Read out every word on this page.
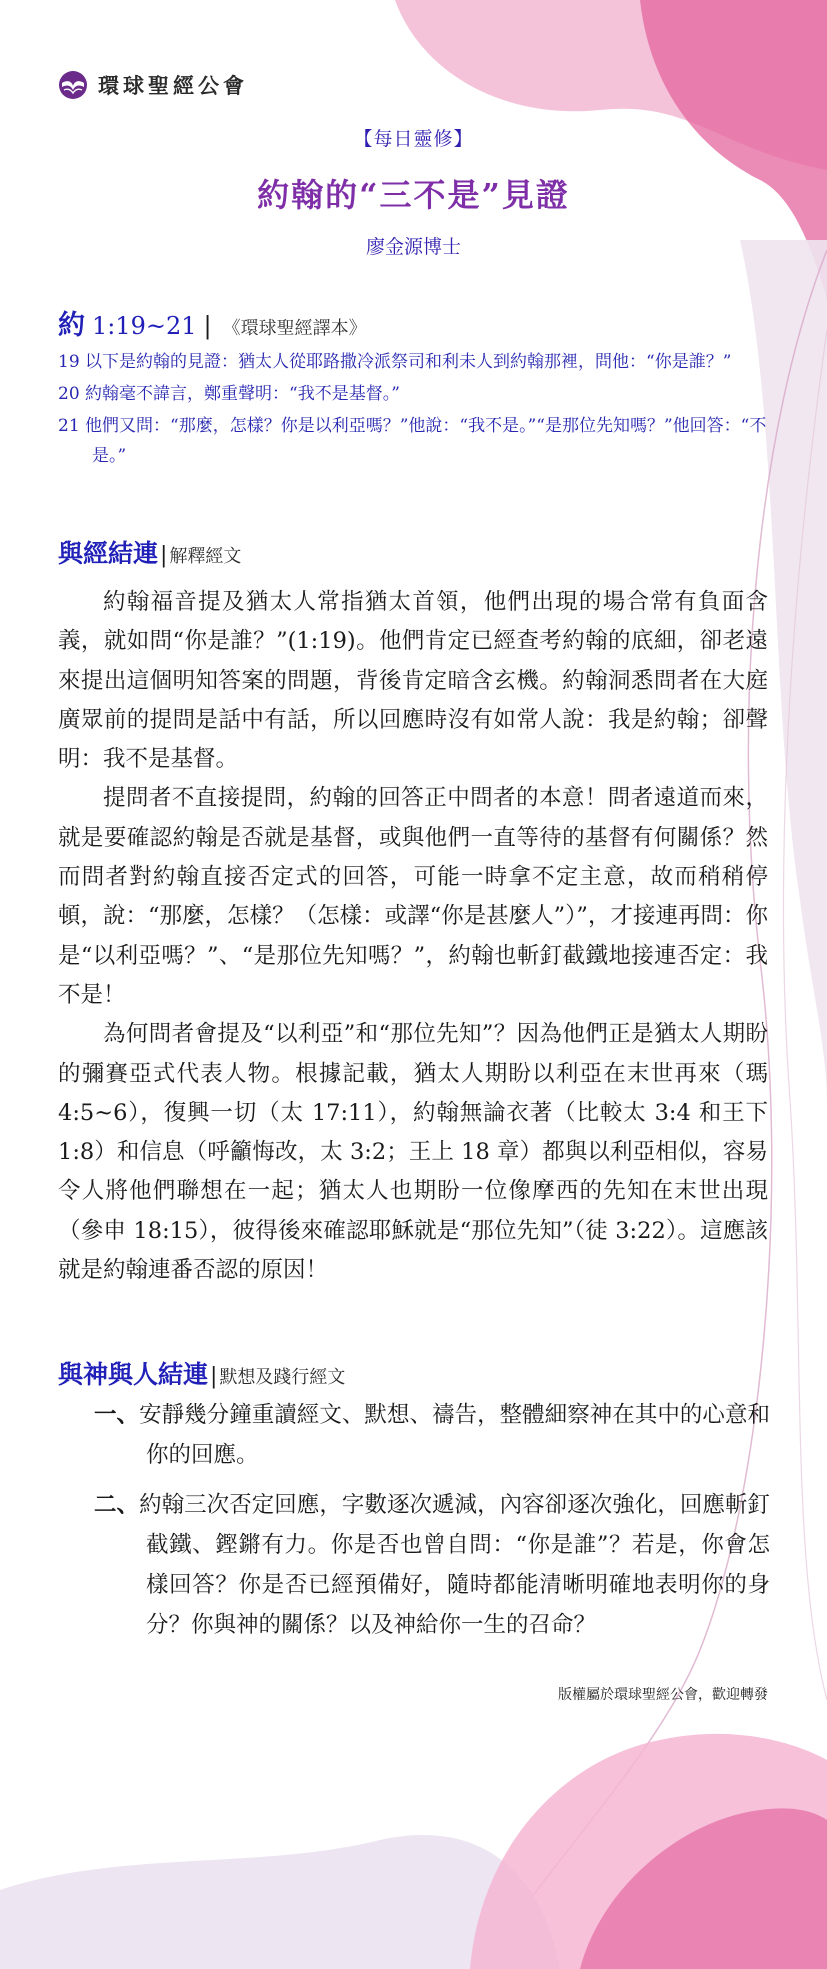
環球聖經公會
【每日靈修】
約翰的“三不是”見證
廖金源博士
約 1:19~21 | 《環球聖經譯本》
19 以下是約翰的見證：猶太人從耶路撒冷派祭司和利未人到約翰那裡，問他：“你是誰？”
20 約翰毫不諱言，鄭重聲明：“我不是基督。”
21 他們又問：“那麼，怎樣？你是以利亞嗎？”他說：“我不是。”“是那位先知嗎？”他回答：“不是。”
與經結連| 解釋經文

約翰福音提及猶太人常指猶太首領，他們出現的場合常有負面含義，就如問“你是誰？”(1:19)。他們肯定已經查考約翰的底細，卻老遠來提出這個明知答案的問題，背後肯定暗含玄機。約翰洞悉問者在大庭廣眾前的提問是話中有話，所以回應時沒有如常人說：我是約翰；卻聲明：我不是基督。

提問者不直接提問，約翰的回答正中問者的本意！問者遠道而來，就是要確認約翰是否就是基督，或與他們一直等待的基督有何關係？然而問者對約翰直接否定式的回答，可能一時拿不定主意，故而稍稍停頓，說：“那麼，怎樣？（怎樣：或譯“你是甚麼人”）”，才接連再問：你是“以利亞嗎？”、“是那位先知嗎？”，約翰也斬釘截鐵地接連否定：我不是！

為何問者會提及“以利亞”和“那位先知”？因為他們正是猶太人期盼的彌賽亞式代表人物。根據記載，猶太人期盼以利亞在末世再來（瑪 4:5~6），復興一切（太 17:11），約翰無論衣著（比較太 3:4 和王下 1:8）和信息（呼籲悔改，太 3:2；王上 18 章）都與以利亞相似，容易令人將他們聯想在一起；猶太人也期盼一位像摩西的先知在末世出現（參申 18:15），彼得後來確認耶穌就是“那位先知”（徒 3:22）。這應該就是約翰連番否認的原因！

與神與人結連| 默想及踐行經文
一、安靜幾分鐘重讀經文、默想、禱告，整體細察神在其中的心意和你的回應。
二、約翰三次否定回應，字數逐次遞減，內容卻逐次強化，回應斬釘截鐵、鏗鏘有力。你是否也曾自問：“你是誰”？若是，你會怎樣回答？你是否已經預備好，隨時都能清晰明確地表明你的身分？你與神的關係？以及神給你一生的召命？
版權屬於環球聖經公會，歡迎轉發
